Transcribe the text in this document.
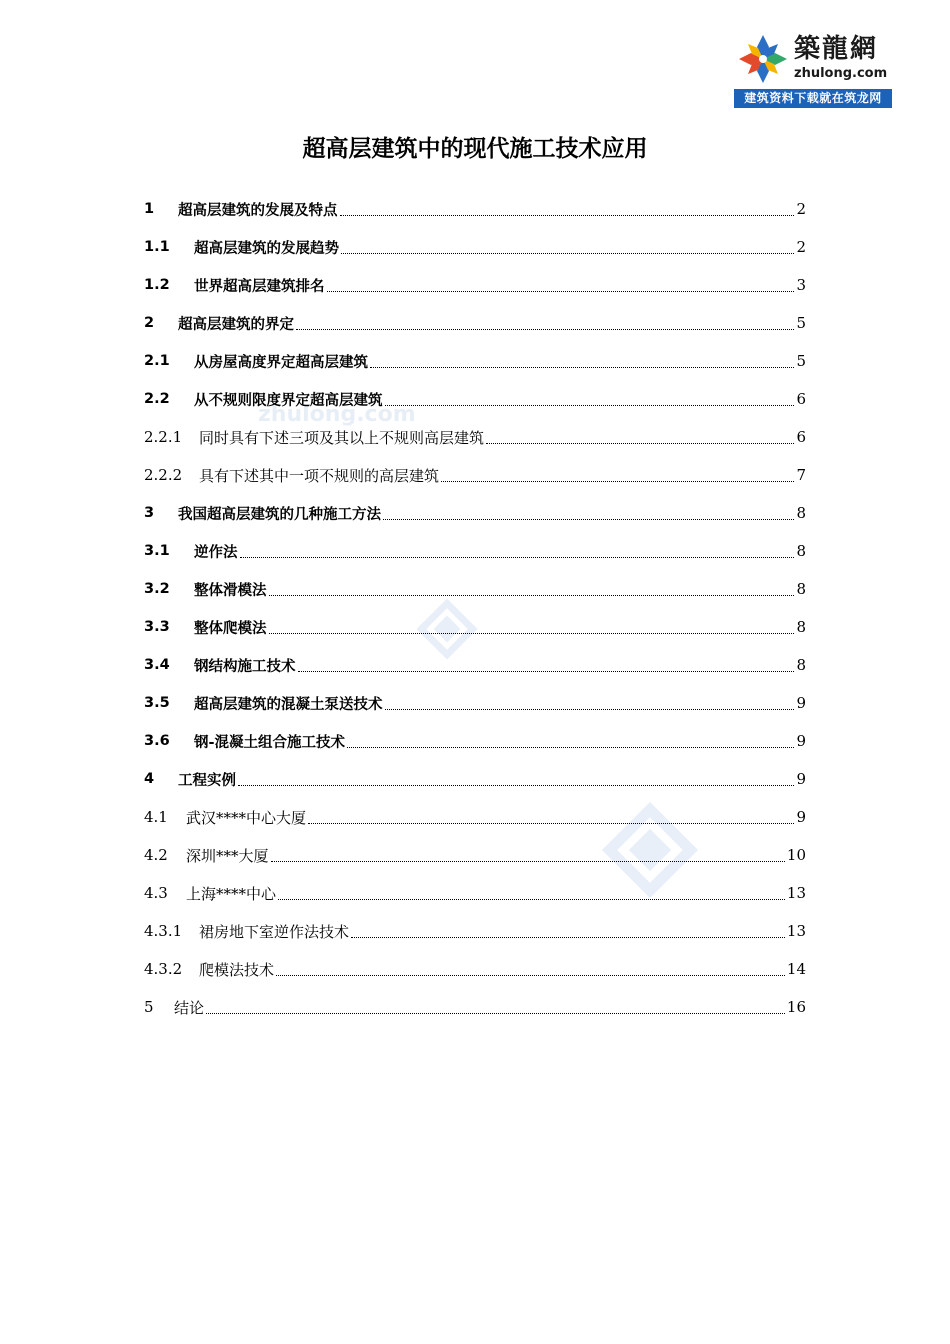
築龍網
zhulong.com
建筑资料下载就在筑龙网
zhulong.com
超高层建筑中的现代施工技术应用
1	超高层建筑的发展及特点	2
1.1	超高层建筑的发展趋势	2
1.2	世界超高层建筑排名	3
2	超高层建筑的界定	5
2.1	从房屋高度界定超高层建筑	5
2.2	从不规则限度界定超高层建筑	6
2.2.1	同时具有下述三项及其以上不规则高层建筑	6
2.2.2	具有下述其中一项不规则的高层建筑	7
3	我国超高层建筑的几种施工方法	8
3.1	逆作法	8
3.2	整体滑模法	8
3.3	整体爬模法	8
3.4	钢结构施工技术	8
3.5	超高层建筑的混凝土泵送技术	9
3.6	钢-混凝土组合施工技术	9
4	工程实例	9
4.1	武汉****中心大厦	9
4.2	深圳***大厦	10
4.3	上海****中心	13
4.3.1	裙房地下室逆作法技术	13
4.3.2	爬模法技术	14
5	结论	16
